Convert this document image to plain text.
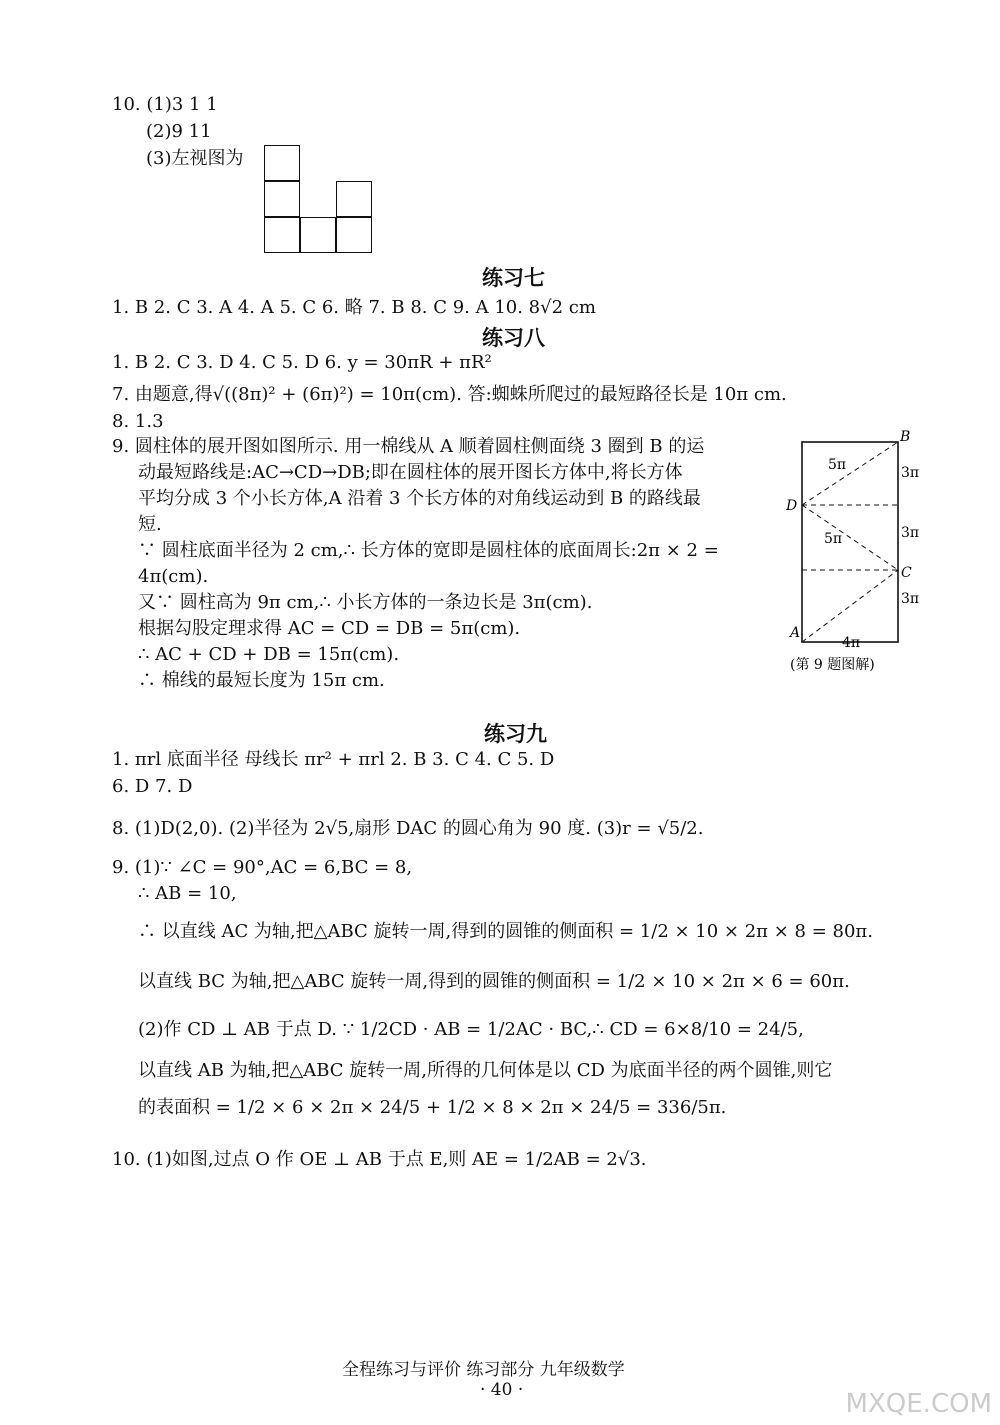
10. (1)3 1 1
(2)9 11
(3)左视图为
练习七
1. B 2. C 3. A 4. A 5. C 6. 略 7. B 8. C 9. A 10. 8√2 cm
练习八
1. B 2. C 3. D 4. C 5. D 6. y = 30πR + πR²
7. 由题意,得√((8π)² + (6π)²) = 10π(cm). 答:蜘蛛所爬过的最短路径长是 10π cm.
8. 1.3
9. 圆柱体的展开图如图所示. 用一棉线从 A 顺着圆柱侧面绕 3 圈到 B 的运
动最短路线是:AC→CD→DB;即在圆柱体的展开图长方体中,将长方体
平均分成 3 个小长方体,A 沿着 3 个长方体的对角线运动到 B 的路线最
短.
∵ 圆柱底面半径为 2 cm,∴ 长方体的宽即是圆柱体的底面周长:2π × 2 =
4π(cm).
又∵ 圆柱高为 9π cm,∴ 小长方体的一条边长是 3π(cm).
根据勾股定理求得 AC = CD = DB = 5π(cm).
∴ AC + CD + DB = 15π(cm).
∴ 棉线的最短长度为 15π cm.
B
D
C
A
5π
5π
3π
3π
3π
4π
(第 9 题图解)
练习九
1. πrl 底面半径 母线长 πr² + πrl 2. B 3. C 4. C 5. D
6. D 7. D
8. (1)D(2,0). (2)半径为 2√5,扇形 DAC 的圆心角为 90 度. (3)r = √5/2.
9. (1)∵ ∠C = 90°,AC = 6,BC = 8,
∴ AB = 10,
∴ 以直线 AC 为轴,把△ABC 旋转一周,得到的圆锥的侧面积 = 1/2 × 10 × 2π × 8 = 80π.
以直线 BC 为轴,把△ABC 旋转一周,得到的圆锥的侧面积 = 1/2 × 10 × 2π × 6 = 60π.
(2)作 CD ⊥ AB 于点 D. ∵ 1/2CD · AB = 1/2AC · BC,∴ CD = 6×8/10 = 24/5,
以直线 AB 为轴,把△ABC 旋转一周,所得的几何体是以 CD 为底面半径的两个圆锥,则它
的表面积 = 1/2 × 6 × 2π × 24/5 + 1/2 × 8 × 2π × 24/5 = 336/5π.
10. (1)如图,过点 O 作 OE ⊥ AB 于点 E,则 AE = 1/2AB = 2√3.
全程练习与评价 练习部分 九年级数学
· 40 ·	MXQE.COM
